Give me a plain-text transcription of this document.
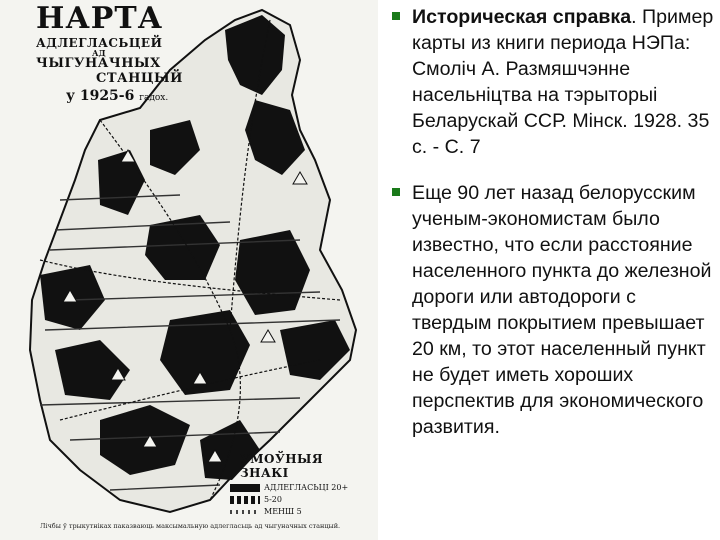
НАРТА
АДЛЕГЛАСЬЦЕЙ
АД
ЧЫГУНАЧНЫХ
СТАНЦЫЙ
у 1925-6 гадох.
УМОЎНЫЯ ЗНАКІ
АДЛЕГЛАСЬЦІ 20+
5-20
МЕНШ 5
Лічбы ў трыкутніках паказваюць максымальную адлегласьць ад чыгуначных станцый.
Историческая справка. Пример карты из книги периода НЭПа: Смоліч А. Размяшчэнне насельніцтва на тэрыторыі Беларускай ССР. Мінск. 1928. 35 с. - С. 7
Еще 90 лет назад белорусским ученым-экономистам было известно, что если расстояние населенного пункта до железной дороги или автодороги с твердым покрытием превышает 20 км, то этот населенный пункт не будет иметь хороших перспектив для экономического развития.
